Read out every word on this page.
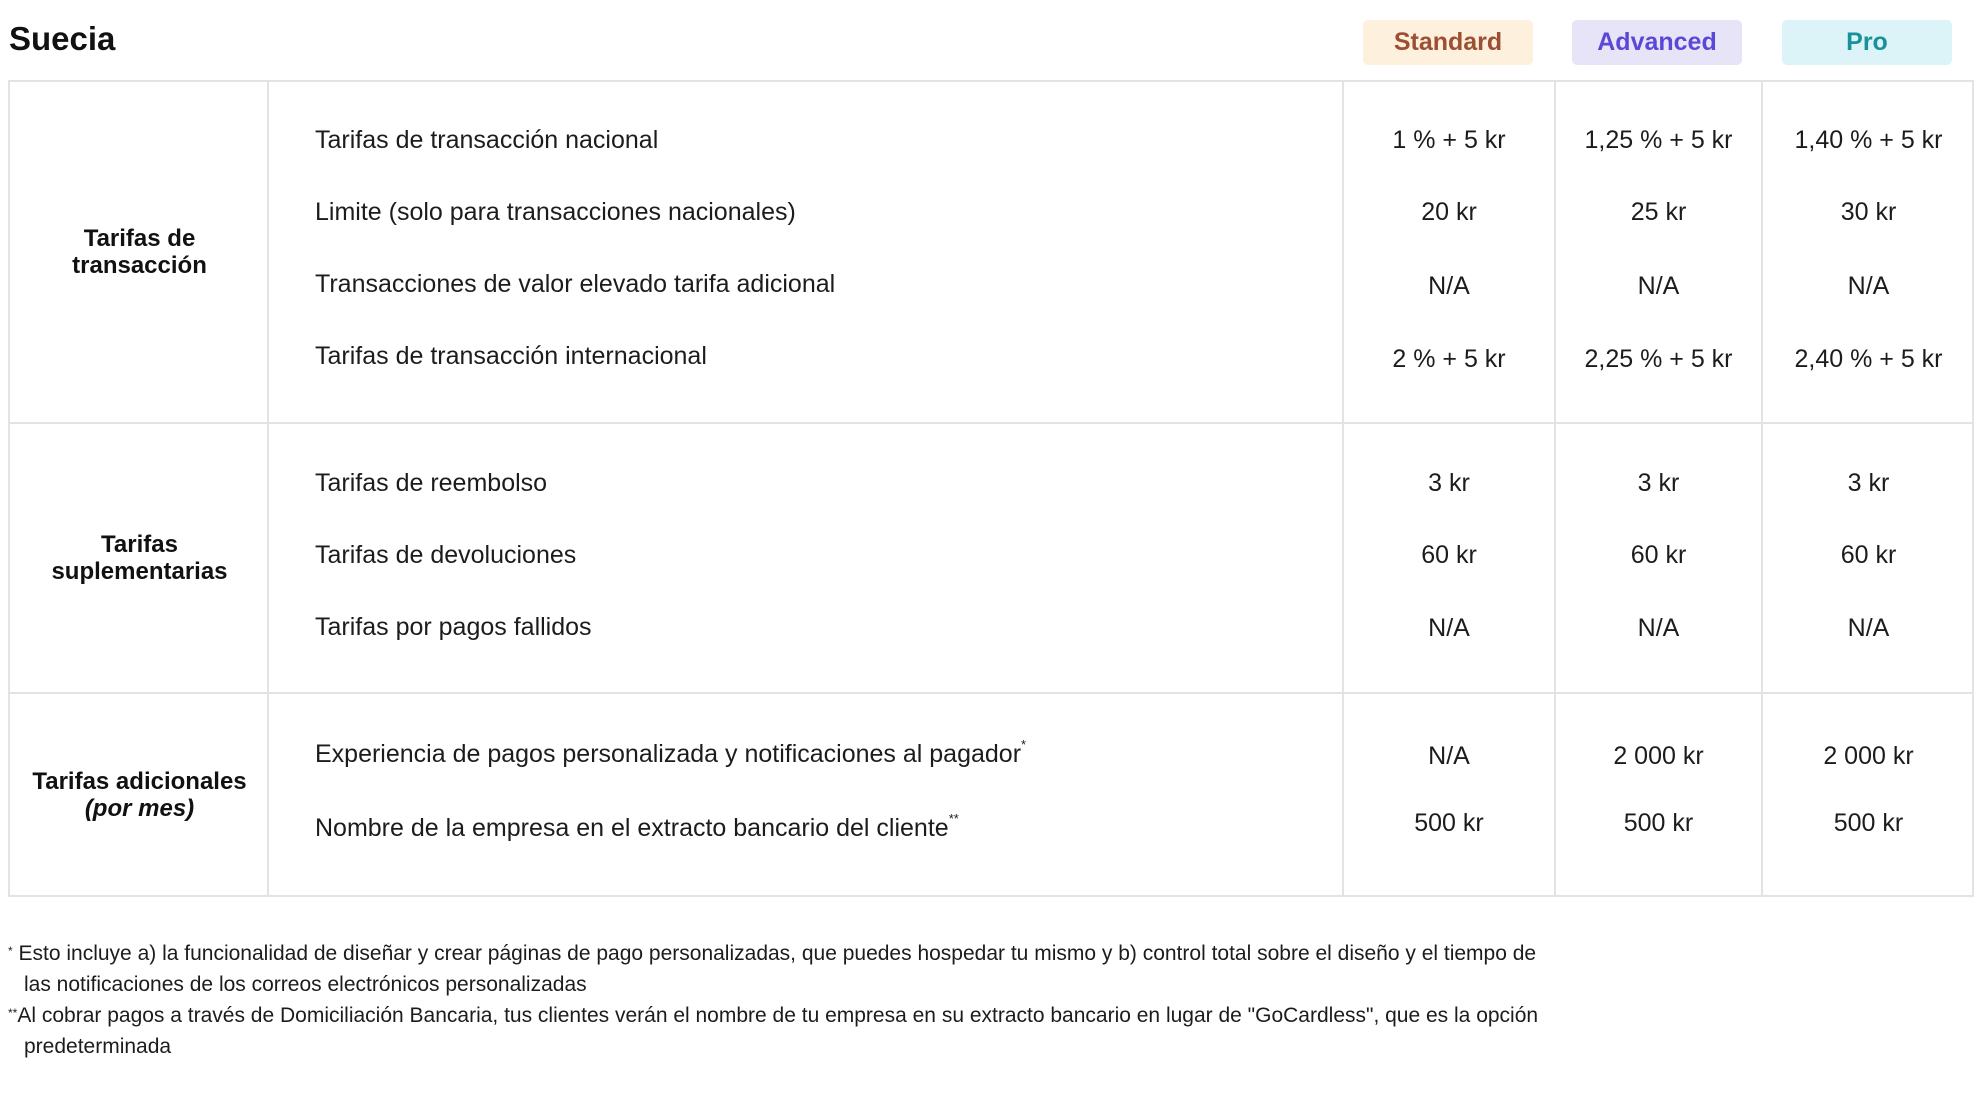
Suecia	Standard	Advanced	Pro
Tarifas de transacción
Tarifas de transacción nacional	1 % + 5 kr	1,25 % + 5 kr	1,40 % + 5 kr
Limite (solo para transacciones nacionales)	20 kr	25 kr	30 kr
Transacciones de valor elevado tarifa adicional	N/A	N/A	N/A
Tarifas de transacción internacional	2 % + 5 kr	2,25 % + 5 kr	2,40 % + 5 kr
Tarifas suplementarias
Tarifas de reembolso	3 kr	3 kr	3 kr
Tarifas de devoluciones	60 kr	60 kr	60 kr
Tarifas por pagos fallidos	N/A	N/A	N/A
Tarifas adicionales
(por mes)
Experiencia de pagos personalizada y notificaciones al pagador*	N/A	2 000 kr	2 000 kr
Nombre de la empresa en el extracto bancario del cliente**	500 kr	500 kr	500 kr
* Esto incluye a) la funcionalidad de diseñar y crear páginas de pago personalizadas, que puedes hospedar tu mismo y b) control total sobre el diseño y el tiempo de
las notificaciones de los correos electrónicos personalizadas
**Al cobrar pagos a través de Domiciliación Bancaria, tus clientes verán el nombre de tu empresa en su extracto bancario en lugar de "GoCardless", que es la opción
predeterminada
